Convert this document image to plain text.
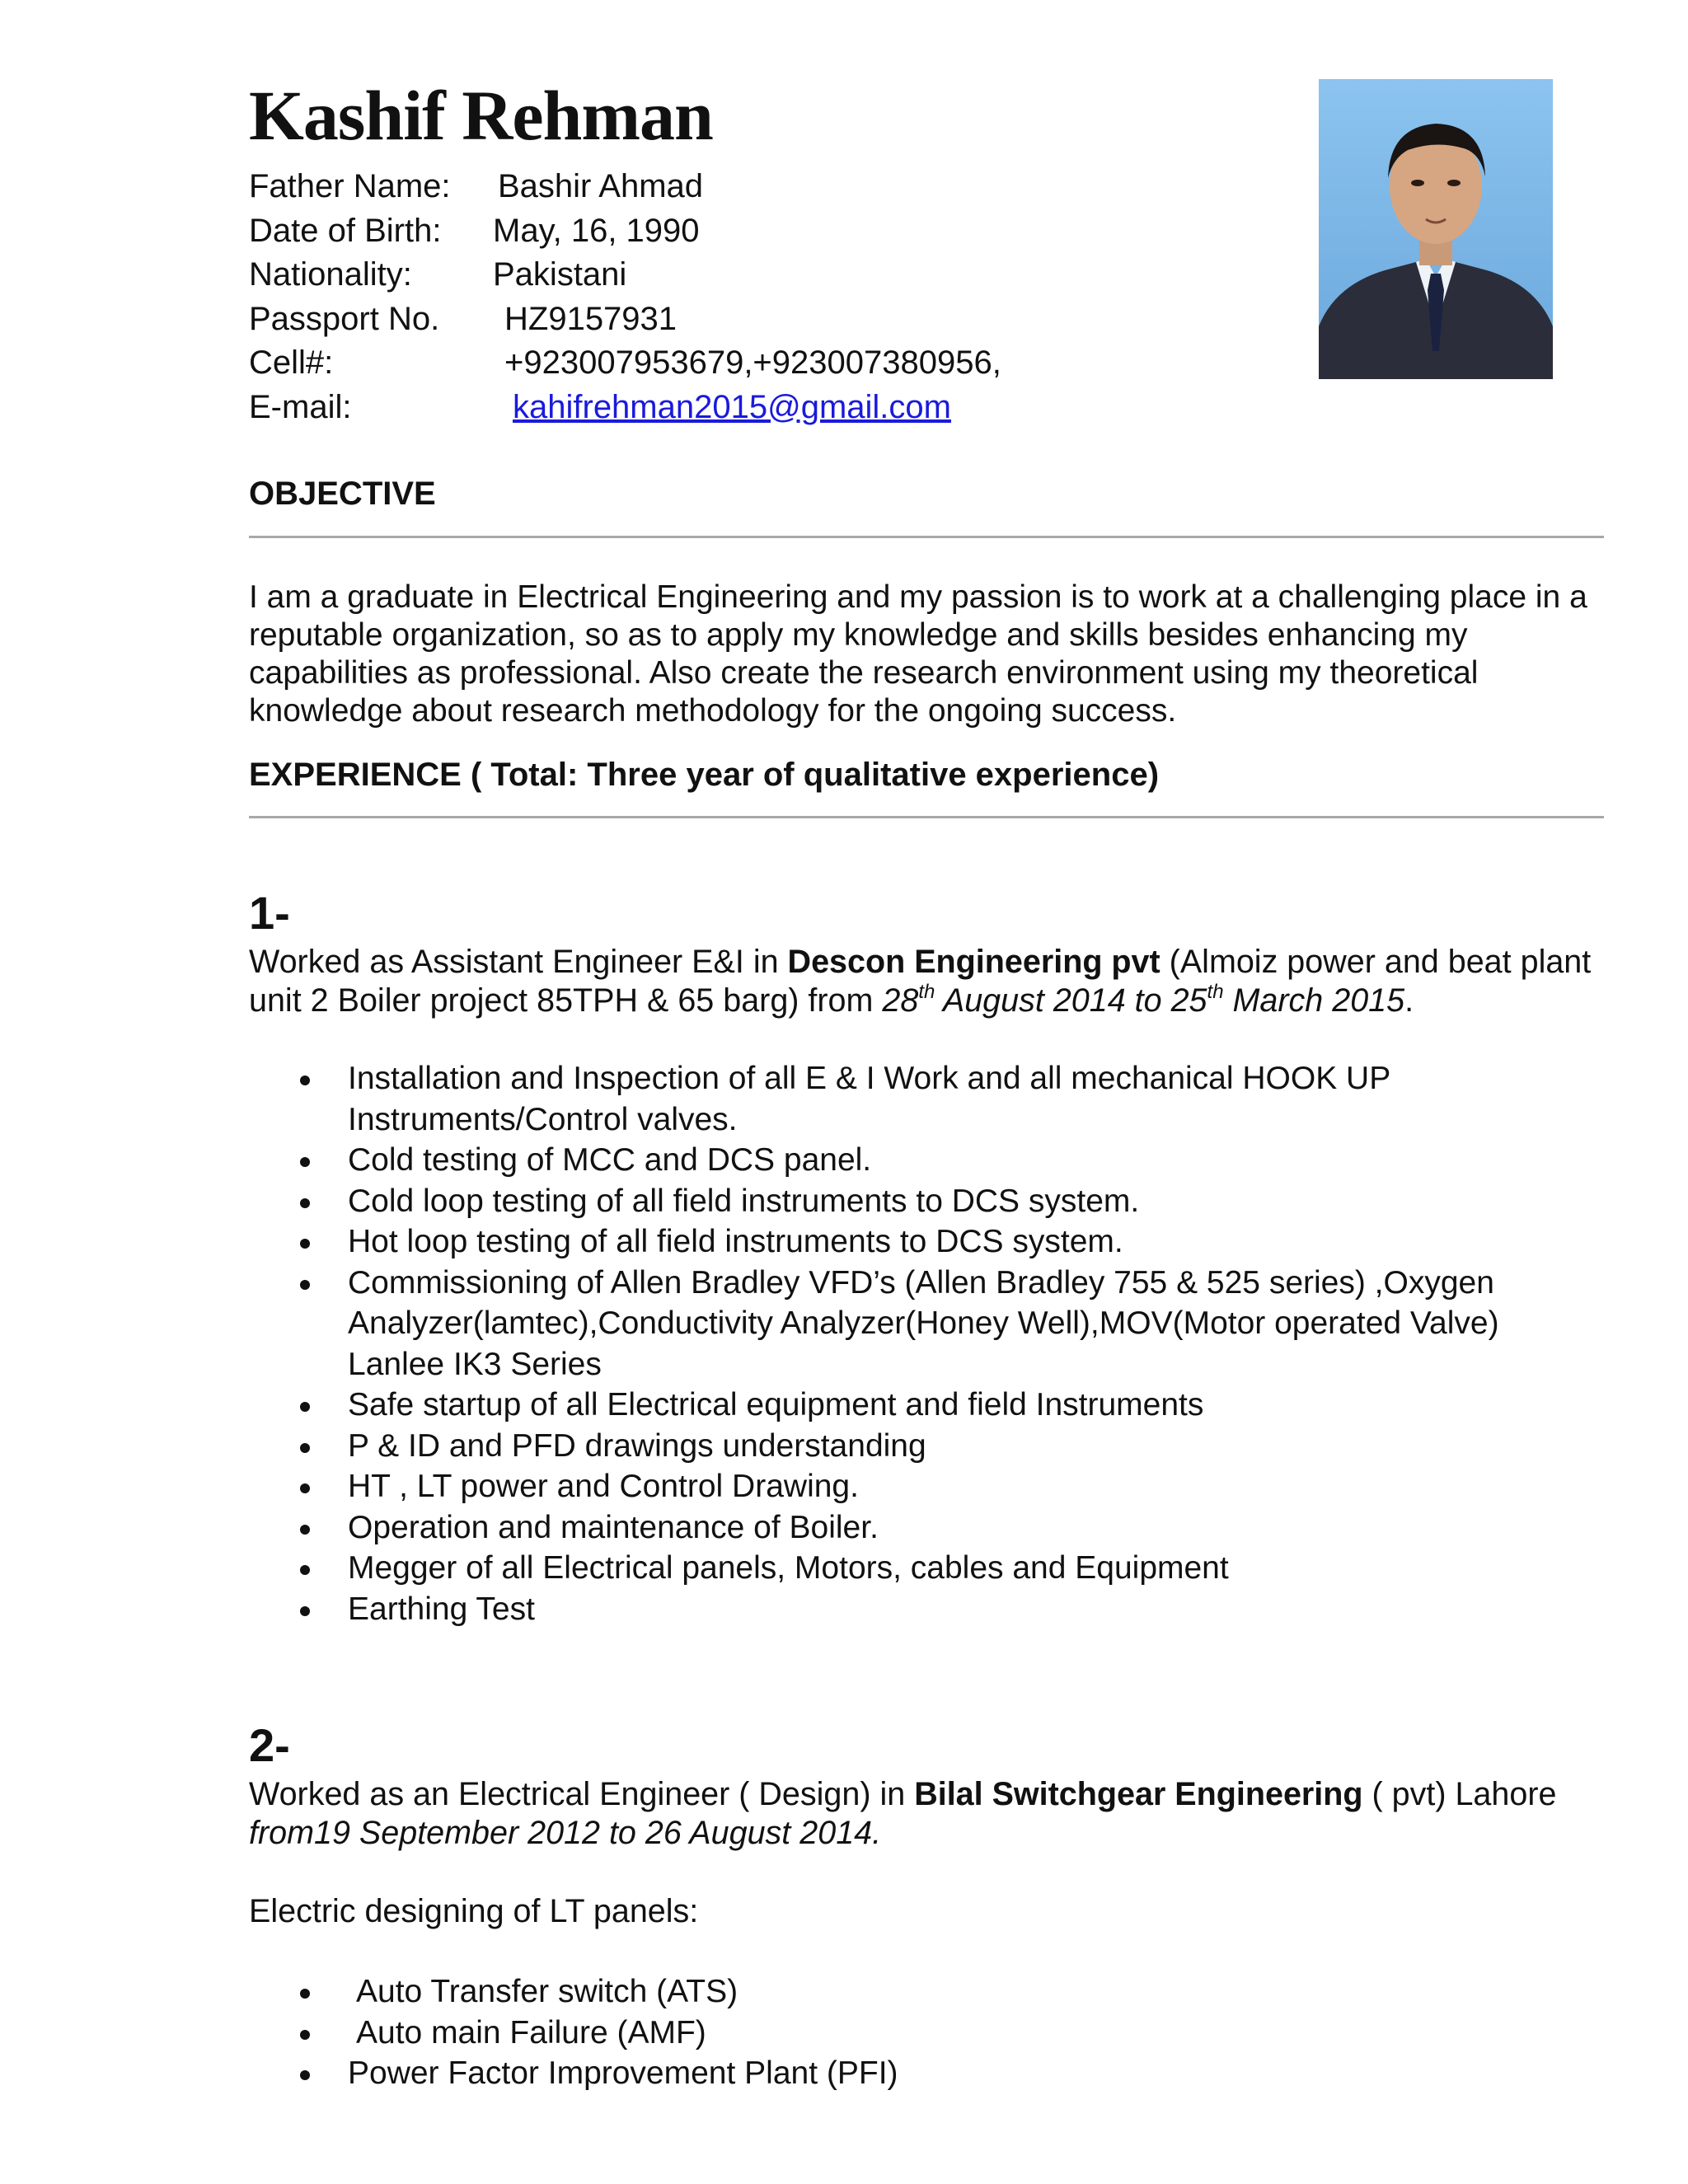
Kashif Rehman
Father Name: Bashir Ahmad
Date of Birth: May, 16, 1990
Nationality: Pakistani
Passport No. HZ9157931
Cell#:	+923007953679,+923007380956,
E-mail:	kahifrehman2015@gmail.com
OBJECTIVE

I am a graduate in Electrical Engineering and my passion is to work at a challenging place in a reputable organization, so as to apply my knowledge and skills besides enhancing my capabilities as professional. Also create the research environment using my theoretical knowledge about research methodology for the ongoing success.

EXPERIENCE ( Total: Three year of qualitative experience)
1-

Worked as Assistant Engineer E&I in Descon Engineering pvt (Almoiz power and beat plant unit 2 Boiler project 85TPH & 65 barg) from 28th August 2014 to 25th March 2015.

Installation and Inspection of all E & I Work and all mechanical HOOK UP Instruments/Control valves.
Cold testing of MCC and DCS panel.
Cold loop testing of all field instruments to DCS system.
Hot loop testing of all field instruments to DCS system.
Commissioning of Allen Bradley VFD’s (Allen Bradley 755 & 525 series) ,Oxygen Analyzer(lamtec),Conductivity Analyzer(Honey Well),MOV(Motor operated Valve) Lanlee IK3 Series
Safe startup of all Electrical equipment and field Instruments
P & ID and PFD drawings understanding
HT , LT power and Control Drawing.
Operation and maintenance of Boiler.
Megger of all Electrical panels, Motors, cables and Equipment
Earthing Test
2-

Worked as an Electrical Engineer ( Design) in Bilal Switchgear Engineering ( pvt) Lahore from19 September 2012 to 26 August 2014.

Electric designing of LT panels:

Auto Transfer switch (ATS)
Auto main Failure (AMF)
Power Factor Improvement Plant (PFI)
